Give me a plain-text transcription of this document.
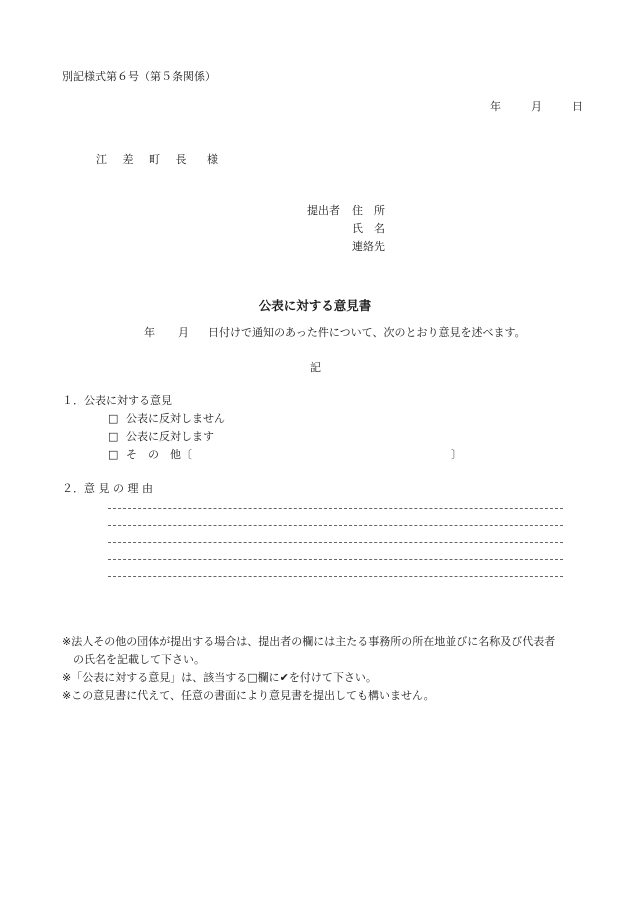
別記様式第６号（第５条関係）
年	月	日
江 差 町 長 様
提出者 住　所
氏　名
連絡先
公表に対する意見書
年 月 日付けで通知のあった件について、次のとおり意見を述べます。
記
１．公表に対する意見
□ 公表に反対しません
□ 公表に反対します
□ そ　の　他〔	〕
２．意 見 の 理 由
※法人その他の団体が提出する場合は、提出者の欄には主たる事務所の所在地並びに名称及び代表者
の氏名を記載して下さい。
※「公表に対する意見」は、該当する□欄に✔を付けて下さい。
※この意見書に代えて、任意の書面により意見書を提出しても構いません。
